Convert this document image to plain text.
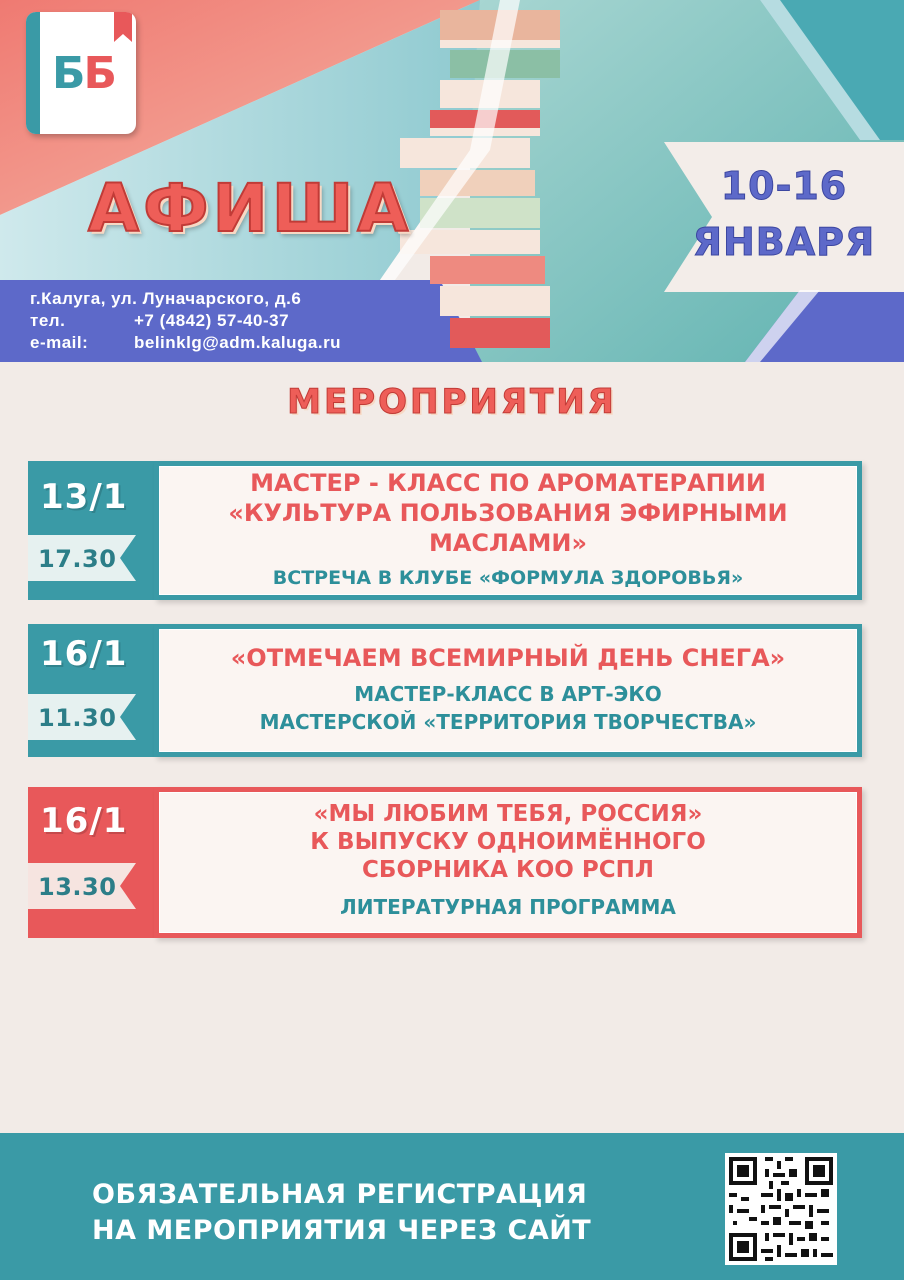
ББ
АФИША	10-16
ЯНВАРЯ
г.Калуга, ул. Луначарского, д.6
тел.	+7 (4842) 57-40-37
e-mail:	belinklg@adm.kaluga.ru
МЕРОПРИЯТИЯ
13/1
17.30
МАСТЕР - КЛАСС ПО АРОМАТЕРАПИИ
«КУЛЬТУРА ПОЛЬЗОВАНИЯ ЭФИРНЫМИ
МАСЛАМИ»
ВСТРЕЧА В КЛУБЕ «ФОРМУЛА ЗДОРОВЬЯ»
16/1
11.30
«ОТМЕЧАЕМ ВСЕМИРНЫЙ ДЕНЬ СНЕГА»
МАСТЕР-КЛАСС В АРТ-ЭКО
МАСТЕРСКОЙ «ТЕРРИТОРИЯ ТВОРЧЕСТВА»
16/1
13.30
«МЫ ЛЮБИМ ТЕБЯ, РОССИЯ»
К ВЫПУСКУ ОДНОИМЁННОГО
СБОРНИКА КОО РСПЛ
ЛИТЕРАТУРНАЯ ПРОГРАММА
ОБЯЗАТЕЛЬНАЯ РЕГИСТРАЦИЯ
НА МЕРОПРИЯТИЯ ЧЕРЕЗ САЙТ
